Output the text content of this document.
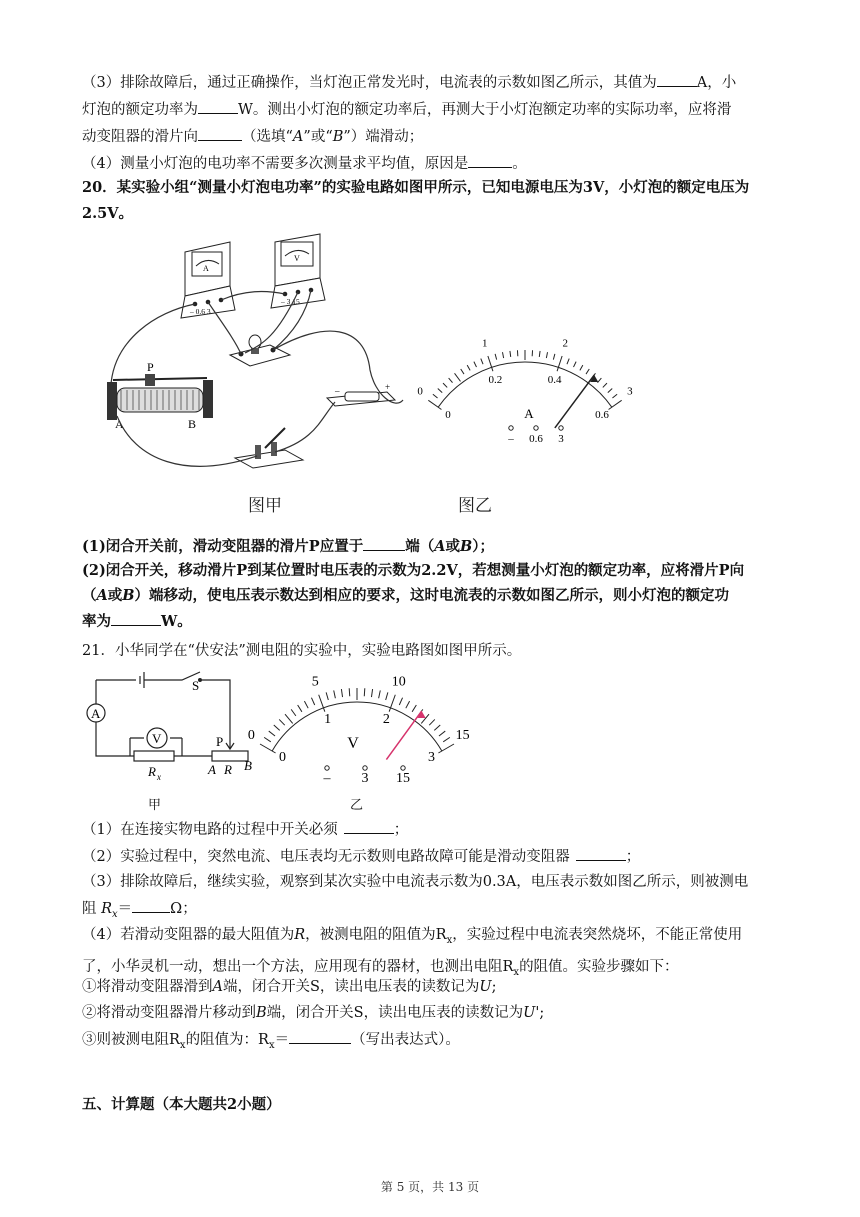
（3）排除故障后，通过正确操作，当灯泡正常发光时，电流表的示数如图乙所示，其值为	A，小
灯泡的额定功率为	W。测出小灯泡的额定功率后，再测大于小灯泡额定功率的实际功率，应将滑
动变阻器的滑片向	（选填“A”或“B”）端滑动；
（4）测量小灯泡的电功率不需要多次测量求平均值，原因是	。
20．某实验小组“测量小灯泡电功率”的实验电路如图甲所示，已知电源电压为3V，小灯泡的额定电压为
2.5V。
A
– 0.6 3
V
– 3 15
P
A	B
–	+
图甲
0
1	2
3
0
0.2	0.4
0.6
A
– 0.6 3
图乙
(1)闭合开关前，滑动变阻器的滑片P应置于	端（A或B）；
(2)闭合开关，移动滑片P到某位置时电压表的示数为2.2V，若想测量小灯泡的额定功率，应将滑片P向
（A或B）端移动，使电压表示数达到相应的要求，这时电流表的示数如图乙所示，则小灯泡的额定功
率为	W。
21．小华同学在“伏安法”测电阻的实验中，实验电路图如图甲所示。
A
V
S
P
R x	A R B
甲
0
5	10
15
0
1	2
3
V
– 3 15
乙
（1）在连接实物电路的过程中开关必须	；
（2）实验过程中，突然电流、电压表均无示数则电路故障可能是滑动变阻器	；
（3）排除故障后，继续实验，观察到某次实验中电流表示数为0.3A，电压表示数如图乙所示，则被测电
阻 $R_x=$	Ω；
（4）若滑动变阻器的最大阻值为R，被测电阻的阻值为$R_x$，实验过程中电流表突然烧坏，不能正常使用
了，小华灵机一动，想出一个方法，应用现有的器材，也测出电阻$R_x$的阻值。实验步骤如下：
①将滑动变阻器滑到A端，闭合开关S，读出电压表的读数记为U;
②将滑动变阻器滑片移动到B端，闭合开关S，读出电压表的读数记为U';
③则被测电阻$R_x$的阻值为：$R_x=$	（写出表达式）。
五、计算题（本大题共2小题）
第 5 页，共 13 页
